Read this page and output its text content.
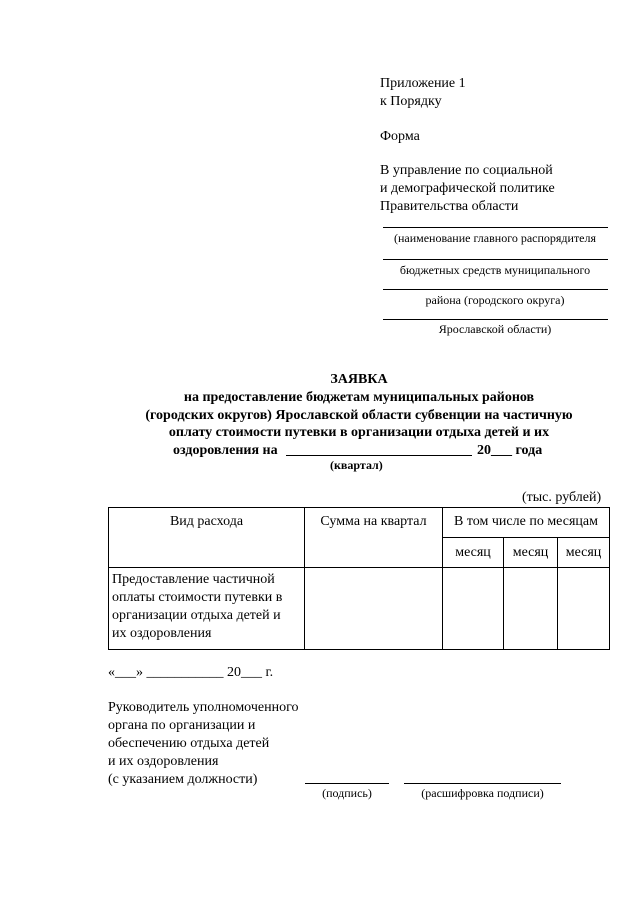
Приложение 1
к Порядку
Форма
В управление по социальной
и демографической политике
Правительства области
(наименование главного распорядителя
бюджетных средств муниципального
района (городского округа)
Ярославской области)
ЗАЯВКА
на предоставление бюджетам муниципальных районов
(городских округов) Ярославской области субвенции на частичную
оплату стоимости путевки в организации отдыха детей и их
оздоровления на	20___ года
(квартал)
(тыс. рублей)
Вид расхода	Сумма на квартал	В том числе по месяцам		
		месяц	месяц	месяц

Предоставление частичной
оплаты стоимости путевки в
организации отдыха детей и
их оздоровления				

«___» ___________ 20___ г.
Руководитель уполномоченного
органа по организации и
обеспечению отдыха детей
и их оздоровления
(с указанием должности)
(подпись)	(расшифровка подписи)
